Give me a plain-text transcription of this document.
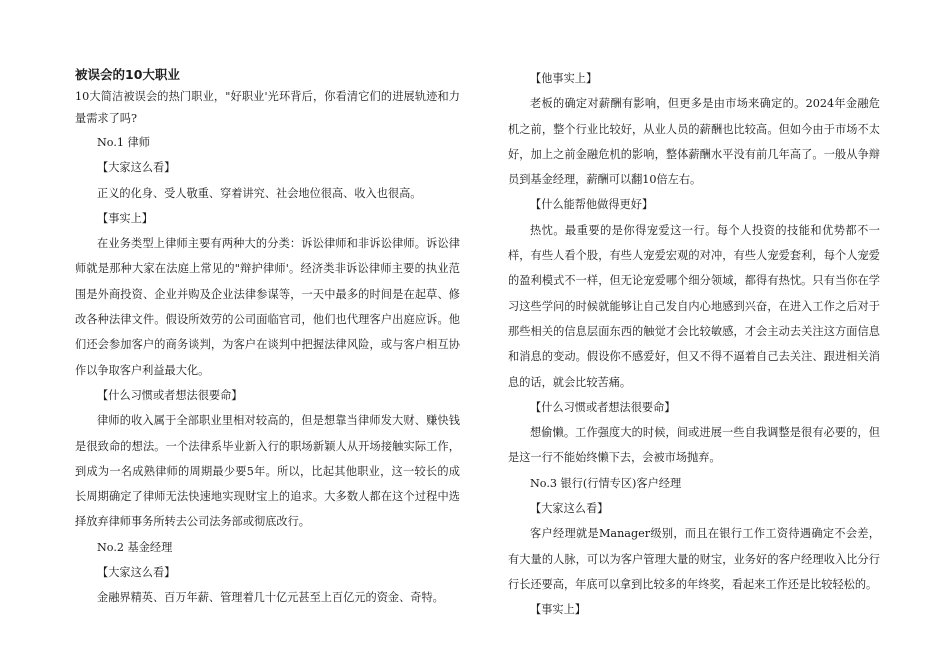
被误会的10大职业
10大简洁被误会的热门职业，"好职业'光环背后，你看清它们的进展轨迹和力量需求了吗?
No.1 律师
【大家这么看】
正义的化身、受人敬重、穿着讲究、社会地位很高、收入也很高。
【事实上】
在业务类型上律师主要有两种大的分类：诉讼律师和非诉讼律师。诉讼律师就是那种大家在法庭上常见的"辩护律师'。经济类非诉讼律师主要的执业范围是外商投资、企业并购及企业法律参谋等，一天中最多的时间是在起草、修改各种法律文件。假设所效劳的公司面临官司，他们也代理客户出庭应诉。他们还会参加客户的商务谈判，为客户在谈判中把握法律风险，或与客户相互协作以争取客户利益最大化。
【什么习惯或者想法很要命】
律师的收入属于全部职业里相对较高的，但是想靠当律师发大财、赚快钱是很致命的想法。一个法律系毕业新入行的职场新颖人从开场接触实际工作，到成为一名成熟律师的周期最少要5年。所以，比起其他职业，这一较长的成长周期确定了律师无法快速地实现财宝上的追求。大多数人都在这个过程中选择放弃律师事务所转去公司法务部或彻底改行。
No.2 基金经理
【大家这么看】
金融界精英、百万年薪、管理着几十亿元甚至上百亿元的资金、奇特。
【他事实上】
老板的确定对薪酬有影响，但更多是由市场来确定的。2024年金融危机之前，整个行业比较好，从业人员的薪酬也比较高。但如今由于市场不太好，加上之前金融危机的影响，整体薪酬水平没有前几年高了。一般从争辩员到基金经理，薪酬可以翻10倍左右。
【什么能帮他做得更好】
热忱。最重要的是你得宠爱这一行。每个人投资的技能和优势都不一样，有些人看个股，有些人宠爱宏观的对冲，有些人宠爱套利，每个人宠爱的盈利模式不一样，但无论宠爱哪个细分领域，都得有热忱。只有当你在学习这些学问的时候就能够让自己发自内心地感到兴奋，在进入工作之后对于那些相关的信息层面东西的触觉才会比较敏感，才会主动去关注这方面信息和消息的变动。假设你不感爱好，但又不得不逼着自己去关注、跟进相关消息的话，就会比较苦痛。
【什么习惯或者想法很要命】
想偷懒。工作强度大的时候，间或进展一些自我调整是很有必要的，但是这一行不能始终懒下去，会被市场抛弃。
No.3 银行(行情专区)客户经理
【大家这么看】
客户经理就是Manager级别，而且在银行工作工资待遇确定不会差，有大量的人脉，可以为客户管理大量的财宝，业务好的客户经理收入比分行行长还要高，年底可以拿到比较多的年终奖，看起来工作还是比较轻松的。
【事实上】
